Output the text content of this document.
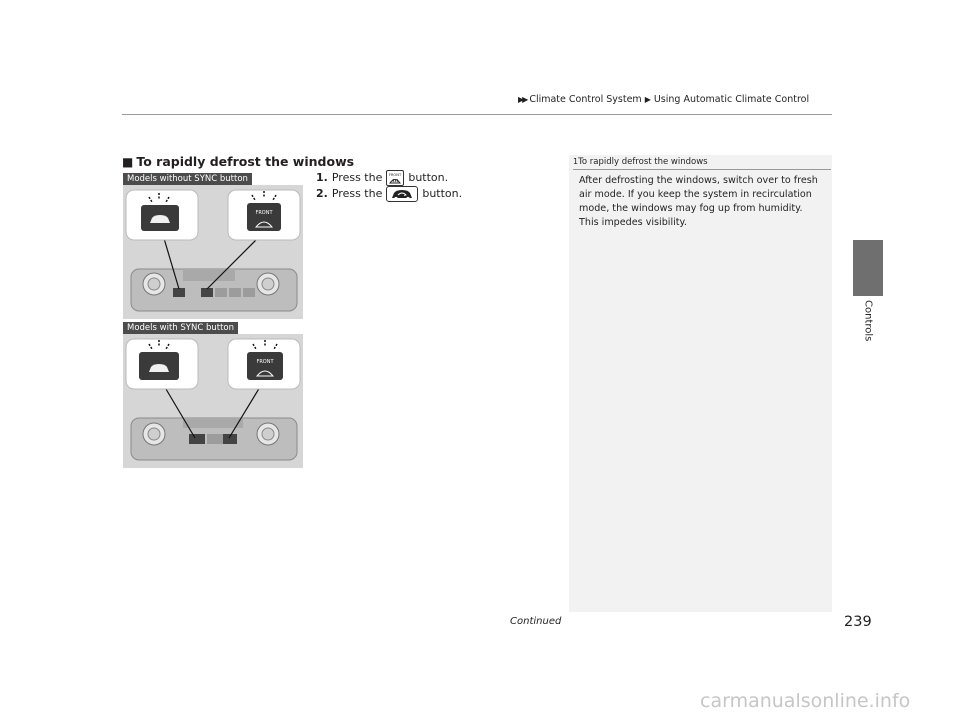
▶▶ Climate Control System ▶ Using Automatic Climate Control
Controls
■ To rapidly defrost the windows
1. Press the FRONT button.
2. Press the	button.
Models without SYNC button
FRONT
Models with SYNC button
FRONT
1To rapidly defrost the windows
After defrosting the windows, switch over to fresh air mode. If you keep the system in recirculation mode, the windows may fog up from humidity. This impedes visibility.
Continued	239
carmanualsonline.info
